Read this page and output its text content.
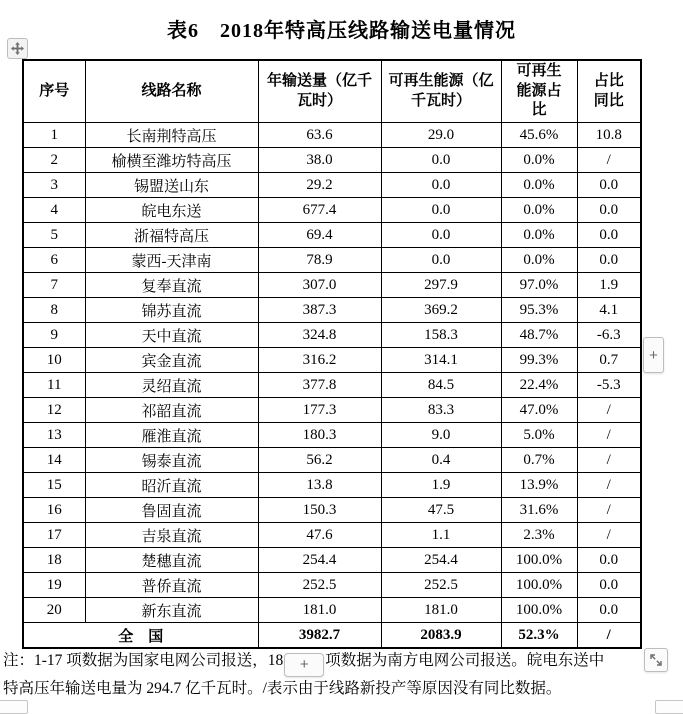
表6　2018年特高压线路输送电量情况
序号	线路名称	年输送量（亿千瓦时）	可再生能源（亿千瓦时）	可再生能源占比	占比同比
1	长南荆特高压	63.6	29.0	45.6%	10.8
2	榆横至潍坊特高压	38.0	0.0	0.0%	/
3	锡盟送山东	29.2	0.0	0.0%	0.0
4	皖电东送	677.4	0.0	0.0%	0.0
5	浙福特高压	69.4	0.0	0.0%	0.0
6	蒙西-天津南	78.9	0.0	0.0%	0.0
7	复奉直流	307.0	297.9	97.0%	1.9
8	锦苏直流	387.3	369.2	95.3%	4.1
9	天中直流	324.8	158.3	48.7%	-6.3
10	宾金直流	316.2	314.1	99.3%	0.7
11	灵绍直流	377.8	84.5	22.4%	-5.3
12	祁韶直流	177.3	83.3	47.0%	/
13	雁淮直流	180.3	9.0	5.0%	/
14	锡泰直流	56.2	0.4	0.7%	/
15	昭沂直流	13.8	1.9	13.9%	/
16	鲁固直流	150.3	47.5	31.6%	/
17	吉泉直流	47.6	1.1	2.3%	/
18	楚穗直流	254.4	254.4	100.0%	0.0
19	普侨直流	252.5	252.5	100.0%	0.0
20	新东直流	181.0	181.0	100.0%	0.0
全　国		3982.7	2083.9	52.3%	/
+
注：1-17 项数据为国家电网公司报送，18 + 项数据为南方电网公司报送。皖电东送中
特高压年输送电量为 294.7 亿千瓦时。/表示由于线路新投产等原因没有同比数据。
